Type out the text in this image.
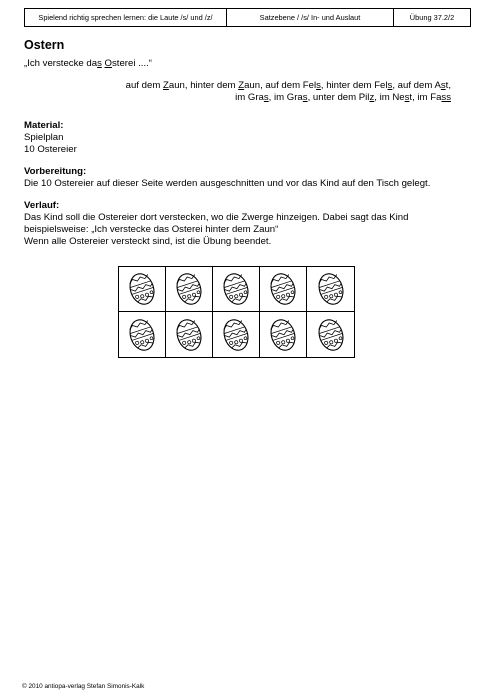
Spielend richtig sprechen lernen: die Laute /s/ und /z/	Satzebene / /s/ In- und Auslaut	Übung 37.2/2
Ostern
„Ich verstecke das Osterei ....“
auf dem Zaun, hinter dem Zaun, auf dem Fels, hinter dem Fels, auf dem Ast,
im Gras, im Gras, unter dem Pilz, im Nest, im Fass
Material:
Spielplan
10 Ostereier
Vorbereitung:
Die 10 Ostereier auf dieser Seite werden ausgeschnitten und vor das Kind auf den Tisch gelegt.
Verlauf:
Das Kind soll die Ostereier dort verstecken, wo die Zwerge hinzeigen. Dabei sagt das Kind
beispielsweise: „Ich verstecke das Osterei hinter dem Zaun“
Wenn alle Ostereier versteckt sind, ist die Übung beendet.
© 2010 antiopa-verlag Stefan Simonis-Kalk
